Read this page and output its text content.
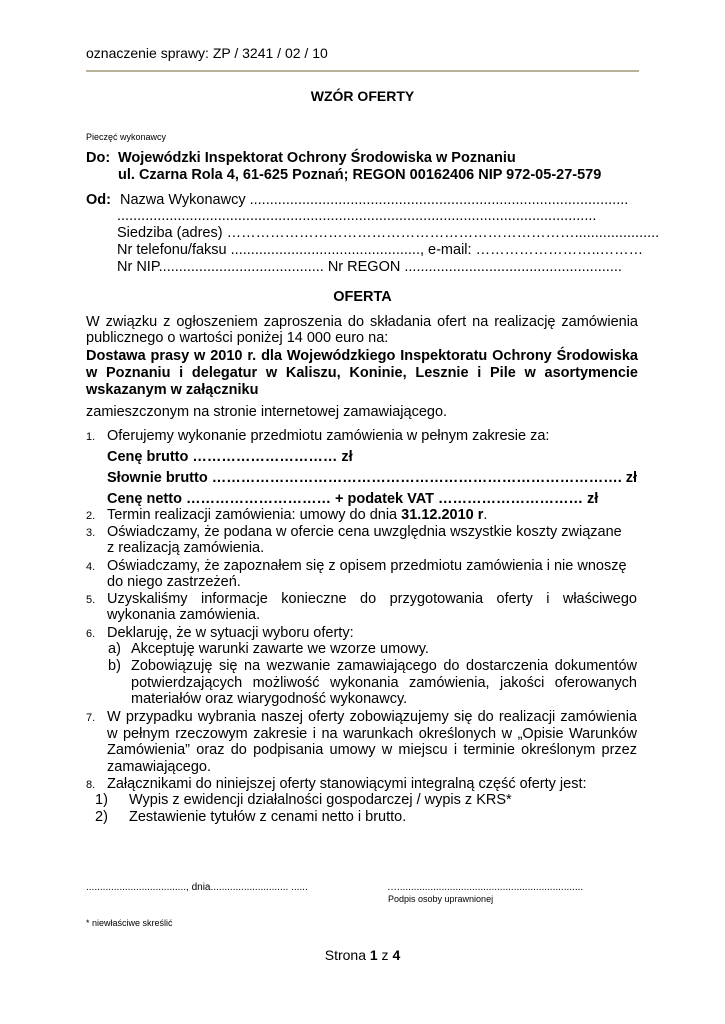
oznaczenie sprawy: ZP / 3241 / 02 / 10
WZÓR OFERTY
Pieczęć wykonawcy
Do: Wojewódzki Inspektorat Ochrony Środowiska w Poznaniu
ul. Czarna Rola 4, 61-625 Poznań; REGON 00162406 NIP 972-05-27-579
Od: Nazwa Wykonawcy ..............................................................................................
.......................................................................................................................
Siedziba (adres) ……………………………………………………………….....................
Nr telefonu/faksu ..............................................., e-mail: ……………………..………
Nr NIP......................................... Nr REGON ......................................................
OFERTA
W związku z ogłoszeniem zaproszenia do składania ofert na realizację zamówienia
publicznego o wartości poniżej 14 000 euro na:
Dostawa prasy w 2010 r. dla Wojewódzkiego Inspektoratu Ochrony Środowiska
w Poznaniu i delegatur w Kaliszu, Koninie, Lesznie i Pile w asortymencie
wskazanym w załączniku
zamieszczonym na stronie internetowej zamawiającego.
1. Oferujemy wykonanie przedmiotu zamówienia w pełnym zakresie za:
Cenę brutto ………………………… zł
Słownie brutto …………………………………………………………………………. zł
Cenę netto ………………………… + podatek VAT ………………………… zł
2. Termin realizacji zamówienia: umowy do dnia 31.12.2010 r.
3. Oświadczamy, że podana w ofercie cena uwzględnia wszystkie koszty związane
z realizacją zamówienia.
4. Oświadczamy, że zapoznałem się z opisem przedmiotu zamówienia i nie wnoszę
do niego zastrzeżeń.
5. Uzyskaliśmy informacje konieczne do przygotowania oferty i właściwego
wykonania zamówienia.
6. Deklaruję, że w sytuacji wyboru oferty:
a) Akceptuję warunki zawarte we wzorze umowy.
b) Zobowiązuję się na wezwanie zamawiającego do dostarczenia dokumentów
potwierdzających możliwość wykonania zamówienia, jakości oferowanych
materiałów oraz wiarygodność wykonawcy.
7. W przypadku wybrania naszej oferty zobowiązujemy się do realizacji zamówienia
w pełnym rzeczowym zakresie i na warunkach określonych w „Opisie Warunków
Zamówienia” oraz do podpisania umowy w miejscu i terminie określonym przez
zamawiającego.
8. Załącznikami do niniejszej oferty stanowiącymi integralną część oferty jest:
1) Wypis z ewidencji działalności gospodarczej / wypis z KRS*
2) Zestawienie tytułów z cenami netto i brutto.
...................................., dnia............................ ......	…...................................................................
Podpis osoby uprawnionej
* niewłaściwe skreślić
Strona 1 z 4
